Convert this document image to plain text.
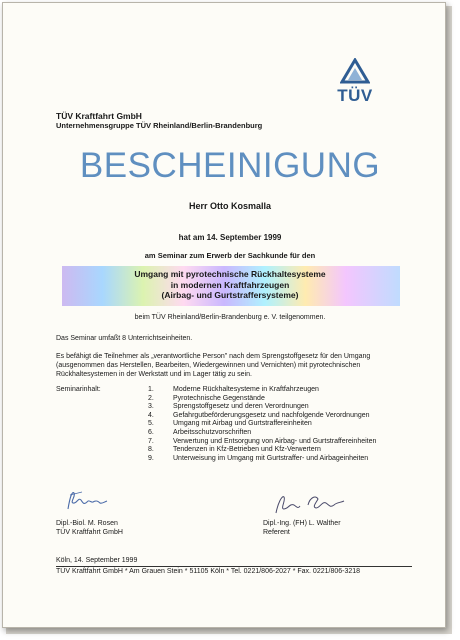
TÜV
TÜV Kraftfahrt GmbH
Unternehmensgruppe TÜV Rheinland/Berlin-Brandenburg
BESCHEINIGUNG
Herr Otto Kosmalla
hat am 14. September 1999
am Seminar zum Erwerb der Sachkunde für den
Umgang mit pyrotechnische Rückhaltesysteme
in modernen Kraftfahrzeugen
(Airbag- und Gurtstraffersysteme)
beim TÜV Rheinland/Berlin-Brandenburg e. V. teilgenommen.
Das Seminar umfaßt 8 Unterrichtseinheiten.
Es befähigt die Teilnehmer als „verantwortliche Person" nach dem Sprengstoffgesetz für den Umgang (ausgenommen das Herstellen, Bearbeiten, Wiedergewinnen und Vernichten) mit pyrotechnischen Rückhaltesystemen in der Werkstatt und im Lager tätig zu sein.
Seminarinhalt:	1.	Moderne Rückhaltesysteme in Kraftfahrzeugen
2.	Pyrotechnische Gegenstände
3.	Sprengstoffgesetz und deren Verordnungen
4.	Gefahrgutbeförderungsgesetz und nachfolgende Verordnungen
5.	Umgang mit Airbag und Gurtstraffereinheiten
6.	Arbeitsschutzvorschriften
7.	Verwertung und Entsorgung von Airbag- und Gurtstraffereinheiten
8.	Tendenzen in Kfz-Betrieben und Kfz-Verwertern
9.	Unterweisung im Umgang mit Gurtstraffer- und Airbageinheiten
Dipl.-Biol. M. Rosen
TÜV Kraftfahrt GmbH
Dipl.-Ing. (FH) L. Walther
Referent
Köln, 14. September 1999
TÜV Kraftfahrt GmbH * Am Grauen Stein * 51105 Köln * Tel. 0221/806-2027 * Fax. 0221/806-3218
